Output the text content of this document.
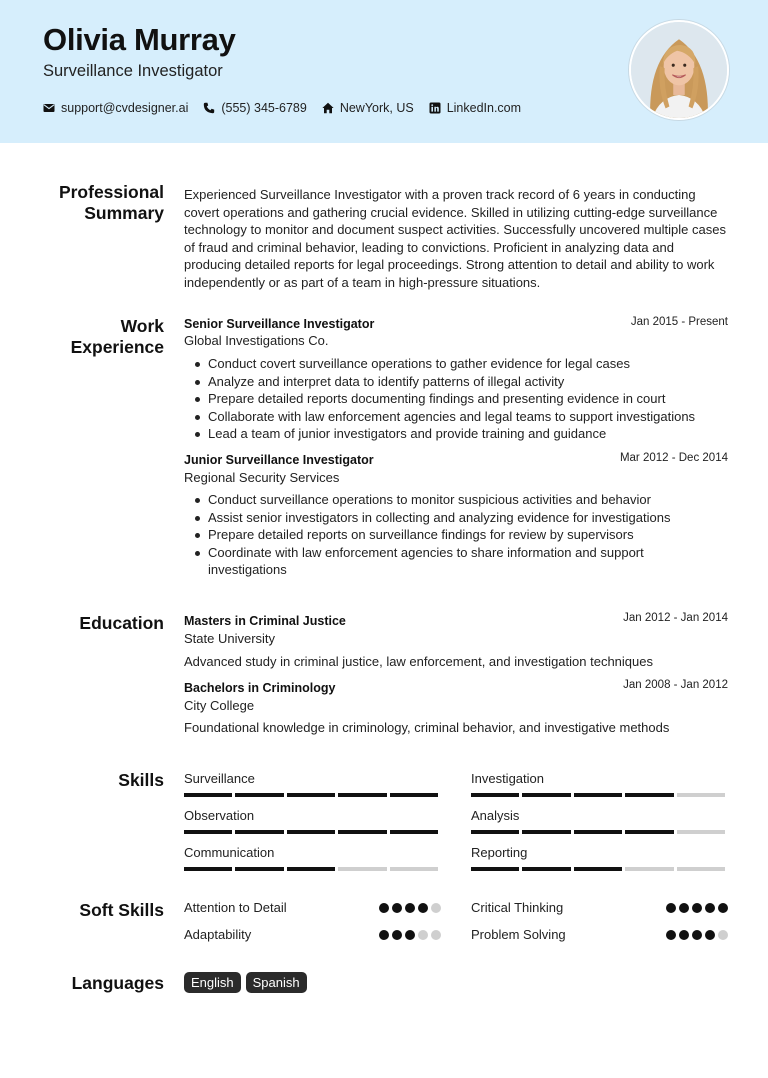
Olivia Murray
Surveillance Investigator
support@cvdesigner.ai	(555) 345-6789	NewYork, US	LinkedIn.com
Professional
Summary
Experienced Surveillance Investigator with a proven track record of 6 years in conducting covert operations and gathering crucial evidence. Skilled in utilizing cutting-edge surveillance technology to monitor and document suspect activities. Successfully uncovered multiple cases of fraud and criminal behavior, leading to convictions. Proficient in analyzing data and producing detailed reports for legal proceedings. Strong attention to detail and ability to work independently or as part of a team in high-pressure situations.
Work
Experience
Senior Surveillance Investigator	Jan 2015 - Present
Global Investigations Co.
Conduct covert surveillance operations to gather evidence for legal cases
Analyze and interpret data to identify patterns of illegal activity
Prepare detailed reports documenting findings and presenting evidence in court
Collaborate with law enforcement agencies and legal teams to support investigations
Lead a team of junior investigators and provide training and guidance
Junior Surveillance Investigator	Mar 2012 - Dec 2014
Regional Security Services
Conduct surveillance operations to monitor suspicious activities and behavior
Assist senior investigators in collecting and analyzing evidence for investigations
Prepare detailed reports on surveillance findings for review by supervisors
Coordinate with law enforcement agencies to share information and support investigations
Education Masters in Criminal Justice	Jan 2012 - Jan 2014
State University
Advanced study in criminal justice, law enforcement, and investigation techniques
Bachelors in Criminology	Jan 2008 - Jan 2012
City College
Foundational knowledge in criminology, criminal behavior, and investigative methods
Skills Surveillance	Investigation
Observation	Analysis
Communication	Reporting
Soft Skills Attention to Detail	Critical Thinking
Adaptability	Problem Solving
Languages	English	Spanish
